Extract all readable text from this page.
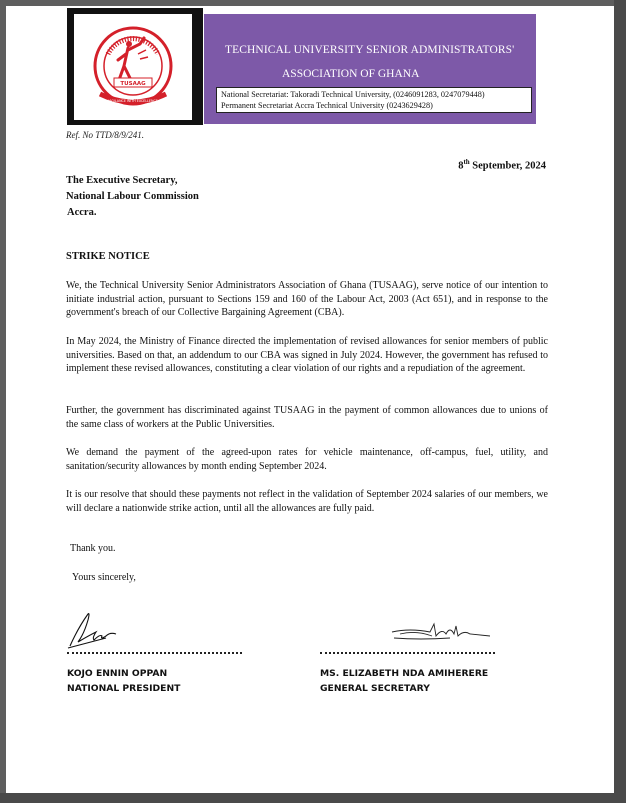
TUSAAG
VIGILANCE WITH EXCELLENCE
TECHNICAL UNIVERSITY SENIOR ADMINISTRATORS'
ASSOCIATION OF GHANA
National Secretariat: Takoradi Technical University, (0246091283, 0247079448)
Permanent Secretariat Accra Technical University (0243629428)
Ref. No TTD/8/9/241.
8th September, 2024
The Executive Secretary,
National Labour Commission
Accra.
STRIKE NOTICE
We, the Technical University Senior Administrators Association of Ghana (TUSAAG), serve notice of our intention to initiate industrial action, pursuant to Sections 159 and 160 of the Labour Act, 2003 (Act 651), and in response to the government's breach of our Collective Bargaining Agreement (CBA).
In May 2024, the Ministry of Finance directed the implementation of revised allowances for senior members of public universities. Based on that, an addendum to our CBA was signed in July 2024. However, the government has refused to implement these revised allowances, constituting a clear violation of our rights and a repudiation of the agreement.
Further, the government has discriminated against TUSAAG in the payment of common allowances due to unions of the same class of workers at the Public Universities.
We demand the payment of the agreed-upon rates for vehicle maintenance, off-campus, fuel, utility, and sanitation/security allowances by month ending September 2024.
It is our resolve that should these payments not reflect in the validation of September 2024 salaries of our members, we will declare a nationwide strike action, until all the allowances are fully paid.
Thank you.
Yours sincerely,
KOJO ENNIN OPPAN
NATIONAL PRESIDENT
MS. ELIZABETH NDA AMIHERERE
GENERAL SECRETARY
